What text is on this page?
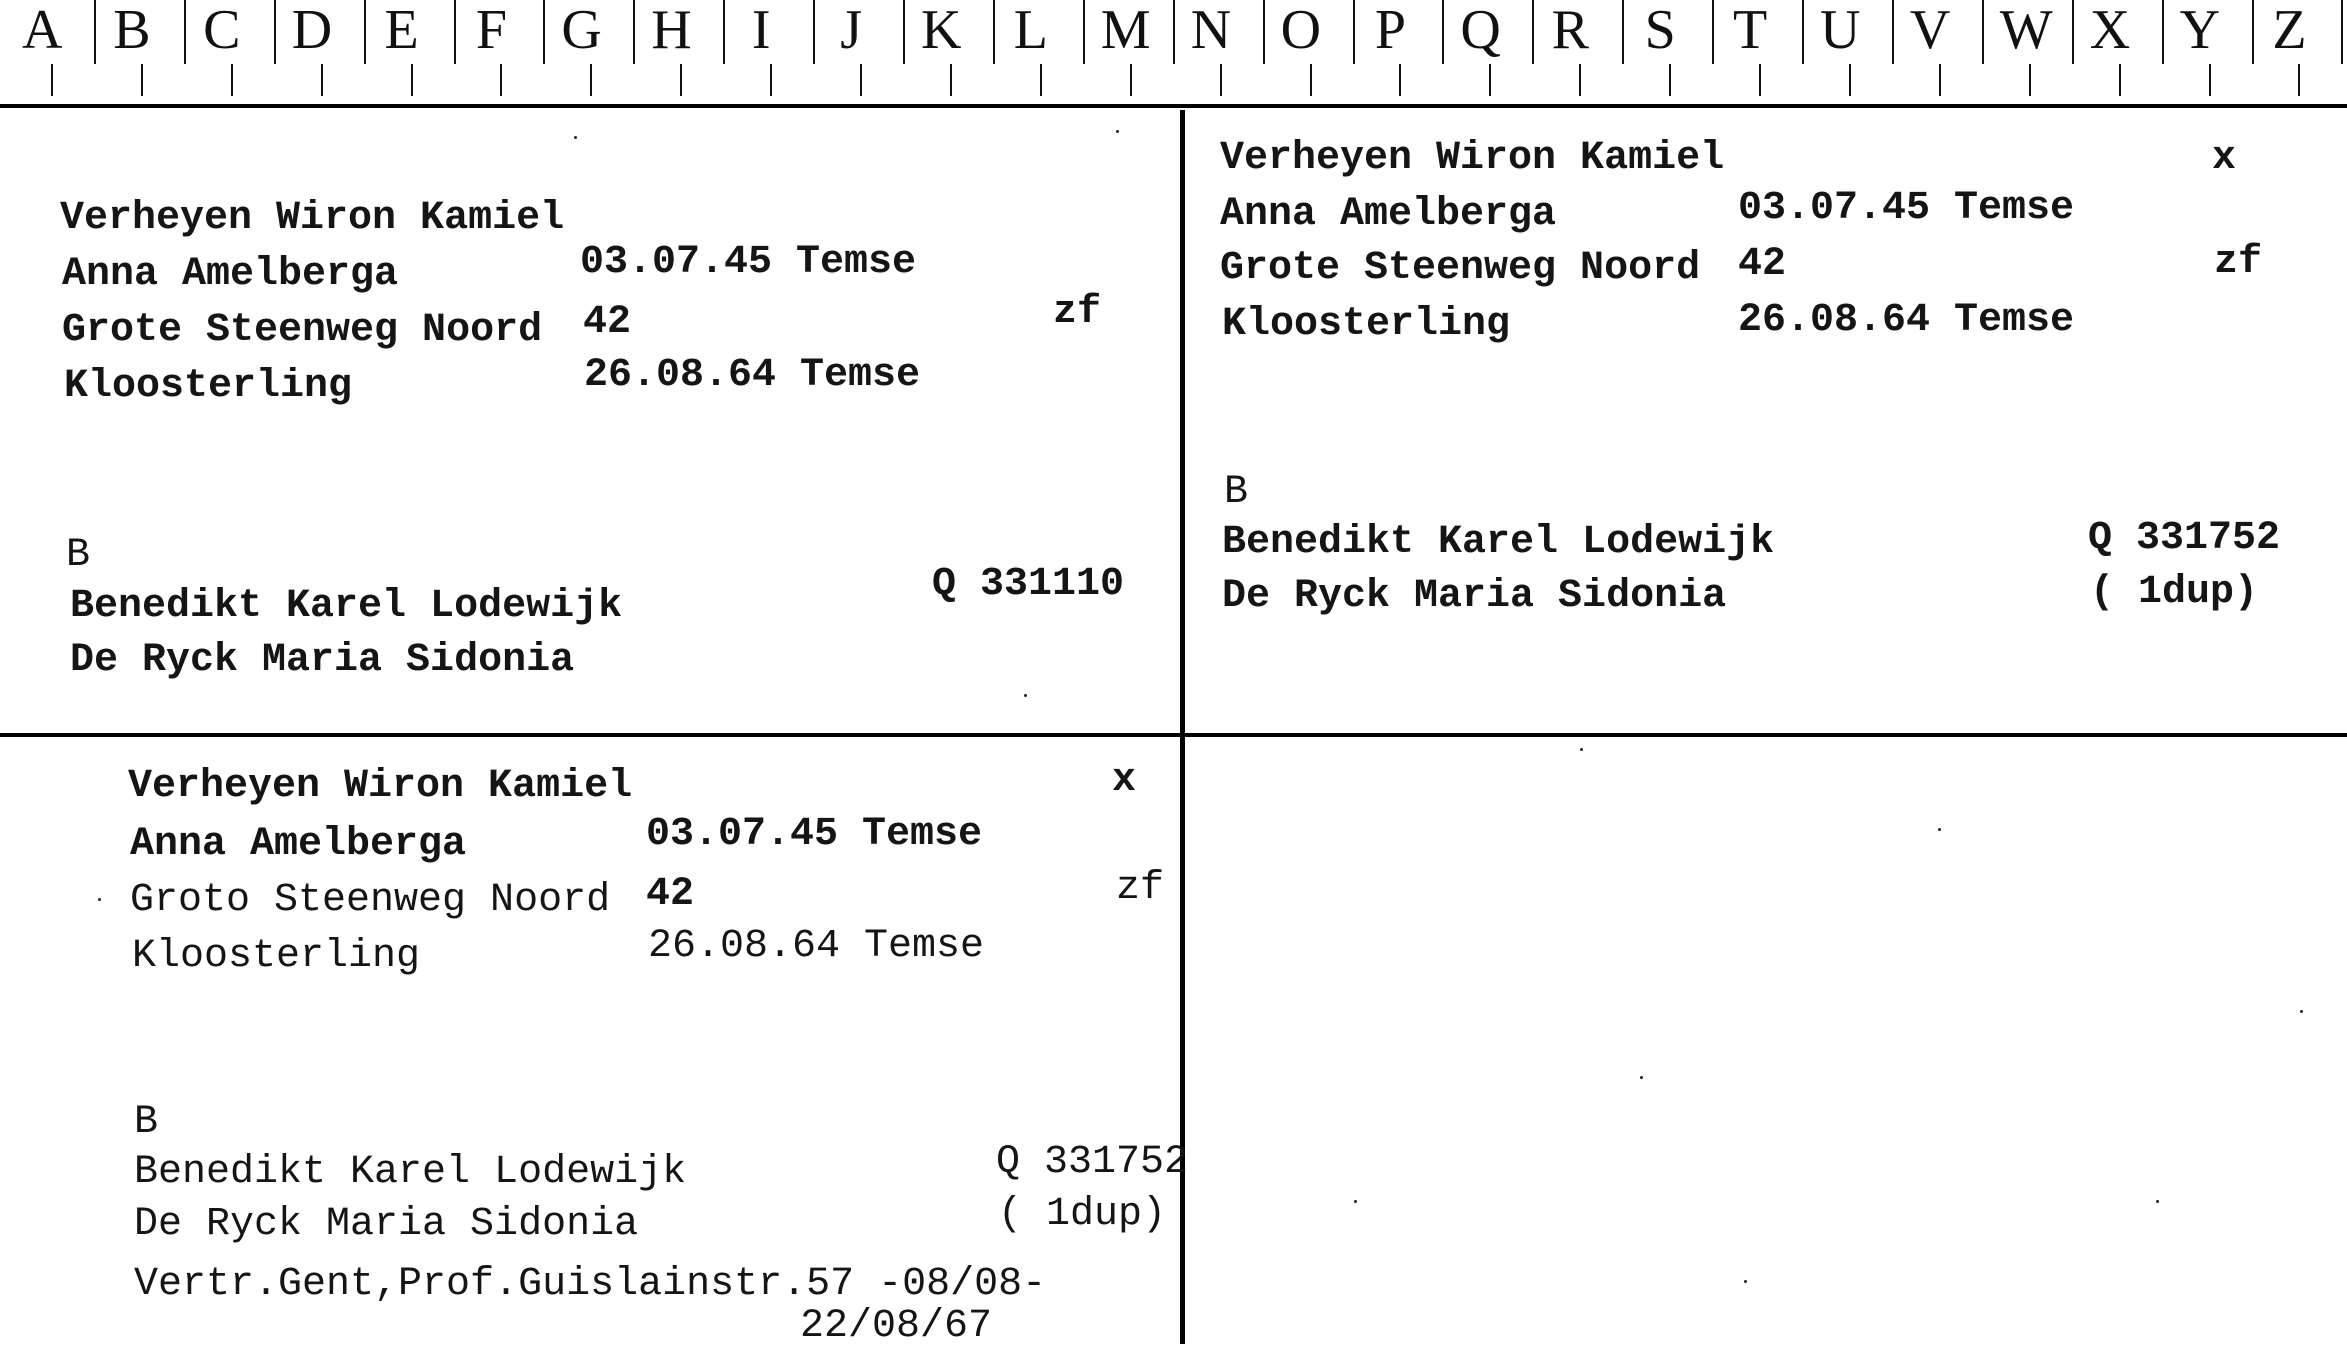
A B C D E F G H I J K L M N O P Q R S T U V W X Y Z
Verheyen Wiron Kamiel
Anna Amelberga	03.07.45 Temse
Grote Steenweg Noord 42	zf
Kloosterling	26.08.64 Temse
B
Benedikt Karel Lodewijk	Q 331110
De Ryck Maria Sidonia
Verheyen Wiron Kamiel	x
Anna Amelberga	03.07.45 Temse
Grote Steenweg Noord 42	zf
Kloosterling	26.08.64 Temse
B
Benedikt Karel Lodewijk	Q 331752
De Ryck Maria Sidonia	( 1dup)
Verheyen Wiron Kamiel	x
Anna Amelberga	03.07.45 Temse
Groto Steenweg Noord 42	zf
Kloosterling	26.08.64 Temse
B
Benedikt Karel Lodewijk	Q 331752
De Ryck Maria Sidonia	( 1dup)
Vertr.Gent,Prof.Guislainstr.57 -08/08-
22/08/67
